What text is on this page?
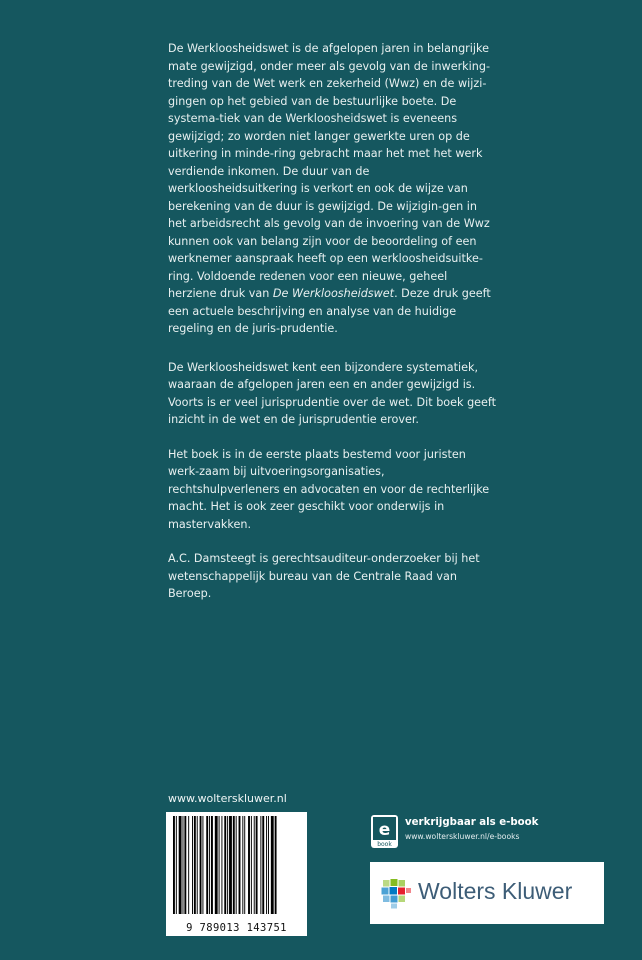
De Werkloosheidswet is de afgelopen jaren in belangrijke mate gewijzigd, onder meer als gevolg van de inwerking-treding van de Wet werk en zekerheid (Wwz) en de wijzi-gingen op het gebied van de bestuurlijke boete. De systema-tiek van de Werkloosheidswet is eveneens gewijzigd; zo worden niet langer gewerkte uren op de uitkering in minde-ring gebracht maar het met het werk verdiende inkomen. De duur van de werkloosheidsuitkering is verkort en ook de wijze van berekening van de duur is gewijzigd. De wijzigin-gen in het arbeidsrecht als gevolg van de invoering van de Wwz kunnen ook van belang zijn voor de beoordeling of een werknemer aanspraak heeft op een werkloosheidsuitke-ring. Voldoende redenen voor een nieuwe, geheel herziene druk van De Werkloosheidswet. Deze druk geeft een actuele beschrijving en analyse van de huidige regeling en de juris-prudentie.

De Werkloosheidswet kent een bijzondere systematiek, waaraan de afgelopen jaren een en ander gewijzigd is. Voorts is er veel jurisprudentie over de wet. Dit boek geeft inzicht in de wet en de jurisprudentie erover.

Het boek is in de eerste plaats bestemd voor juristen werk-zaam bij uitvoeringsorganisaties, rechtshulpverleners en advocaten en voor de rechterlijke macht. Het is ook zeer geschikt voor onderwijs in mastervakken.

A.C. Damsteegt is gerechtsauditeur-onderzoeker bij het wetenschappelijk bureau van de Centrale Raad van Beroep.

www.wolterskluwer.nl
9 789013 143751
e
book
verkrijgbaar als e-book
www.wolterskluwer.nl/e-books
Wolters Kluwer
